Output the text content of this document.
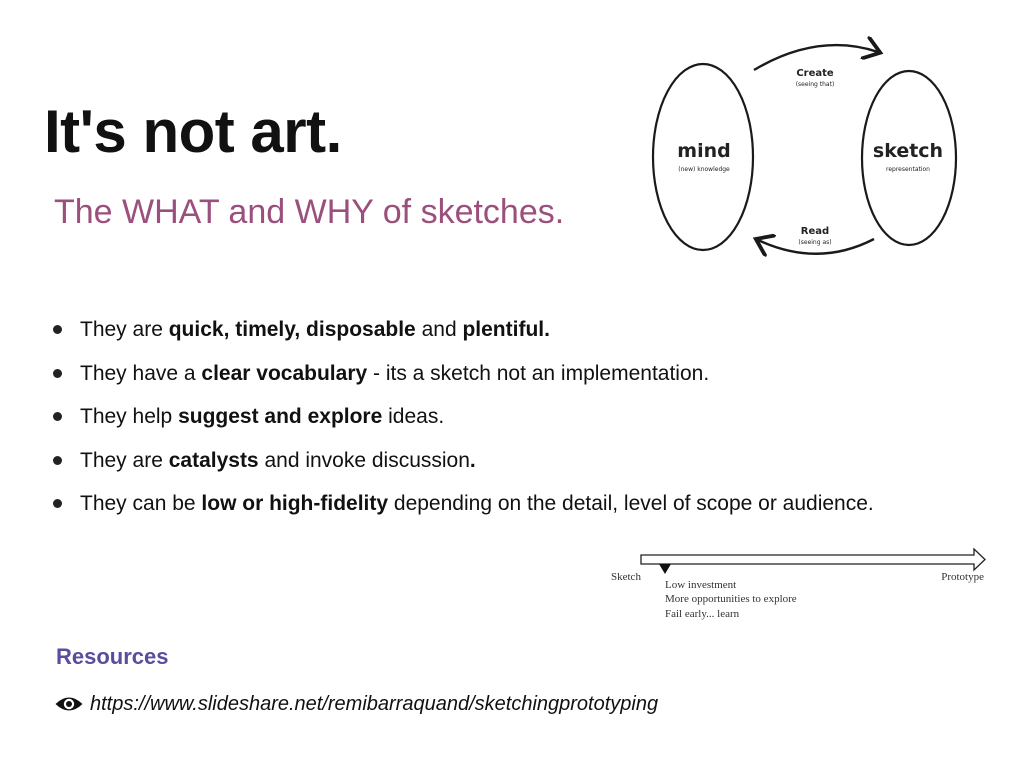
It's not art.
The WHAT and WHY of sketches.
Create
(seeing that)
mind
(new) knowledge
sketch
representation
Read
(seeing as)
They are quick, timely, disposable and plentiful.
They have a clear vocabulary - its a sketch not an implementation.
They help suggest and explore ideas.
They are catalysts and invoke discussion.
They can be low or high-fidelity depending on the detail, level of scope or audience.
Sketch	Prototype
Low investment
More opportunities to explore
Fail early... learn
Resources
https://www.slideshare.net/remibarraquand/sketchingprototyping
